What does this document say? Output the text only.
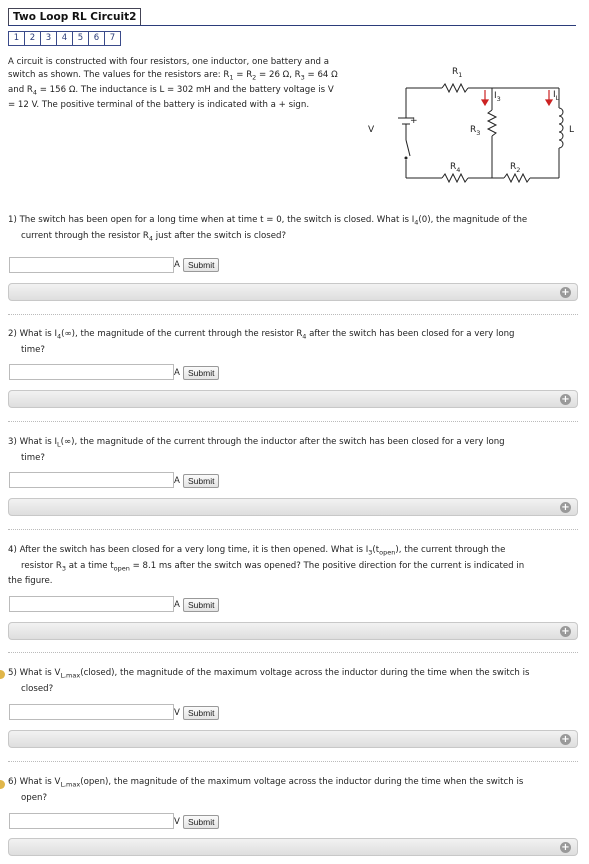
Two Loop RL Circuit2
1	2	3	4	5	6	7
A circuit is constructed with four resistors, one inductor, one battery and a
switch as shown. The values for the resistors are: $R_1 = R_2 = 26$ Ω, $R_3 = 64$ Ω
and $R_4 = 156$ Ω. The inductance is L = 302 mH and the battery voltage is V
= 12 V. The positive terminal of the battery is indicated with a + sign.
$R_1$
$I_3$	$I_L$
$R_3$	L
V
+
$R_4$	$R_2$
1) The switch has been open for a long time when at time t = 0, the switch is closed. What is $I_4(0)$, the magnitude of the
current through the resistor $R_4$ just after the switch is closed?
A Submit
+
2) What is $I_4(\infty)$, the magnitude of the current through the resistor $R_4$ after the switch has been closed for a very long
time?
A Submit
+
3) What is $I_L(\infty)$, the magnitude of the current through the inductor after the switch has been closed for a very long
time?
A Submit
+
4) After the switch has been closed for a very long time, it is then opened. What is $I_3(t_{open})$, the current through the
resistor $R_3$ at a time $t_{open} = 8.1$ ms after the switch was opened? The positive direction for the current is indicated in
the figure.
A Submit
+
5) What is $V_{L,max}(closed)$, the magnitude of the maximum voltage across the inductor during the time when the switch is
closed?
V Submit
+
6) What is $V_{L,max}(open)$, the magnitude of the maximum voltage across the inductor during the time when the switch is
open?
V Submit
+
